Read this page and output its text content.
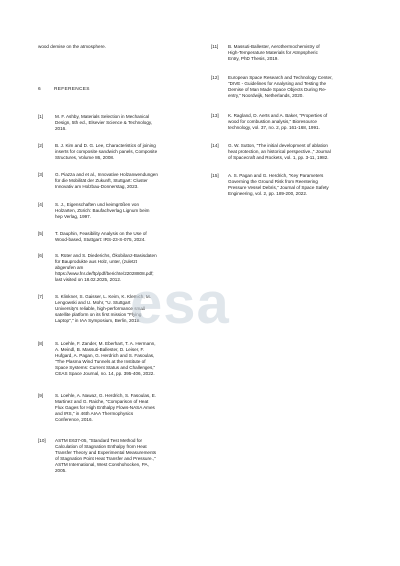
wood demise on the atmosphere.
6	REFERENCES
[1]	M. F. Ashby, Materials Selection in Mechanical
Design, 5th ed., Elsevier Science & Technology,
2016.
[2]	B. J. Kim and D. G. Lee, Characteristics of joining
inserts for composite sandwich panels, Composite
Structures, Volume 86, 2008.
[3]	G. Piazza and et al., Innovative Holzanwendungen
für die Mobilität der Zukunft, Stuttgart: Cluster
Innovativ am Holzbau-Donnerstag, 2023.
[4]	S. J., Eigenschaften und keimgrößen von
Holzarten, Zürich: Baufachverlag Lignum beim
hep Verlag, 1997.
[5]	T. Dauphin, Feasibility Analysis on the Use of
Wood-based, Stuttgart: IRS-23-S-075, 2024.
[6]	S. Rüter and S. Diederichs, Ökobilanz-Basisdaten
für Bauprodukte aus Holz, unter, (zuletzt
abgerufen am
https://www.fnr.de/ftp/pdf/berichte/22028808.pdf;
last visited on 18.02.2025, 2012.
[7]	S. Klinkner, S. Gaisser, L. Keim, K. Klemich, M.
Lengowski and U. Mohr, "U. Stuttgart
University's reliable, high-performance small
satellite platform on its first mission "Flying
Laptop"," in IAA Symposium, Berlin, 2019.
[8]	S. Loehle, F. Zander, M. Eberhart, T. A. Hermann,
A. Meindl, B. Massuti-Ballester, D. Leiser, F.
Hufgard, A. Pagan, G. Herdrich and S. Fasoulas,
"The Plasma Wind Tunnels at the Institute of
Space Systems: Current Status and Challenges,"
CEAS Space Journal, no. 14, pp. 395-406, 2022.
[9]	S. Loehle, A. Nawaz, G. Herdrich, S. Fasoulas, E.
Martinez and G. Raiche, "Comparison of Heat
Flux Gages for High Enthalpy Flows-NASA Ames
and IRS," in 46th AIAA Thermophysics
Conference, 2016.
[10]	ASTM E637-05, "Standard Test Method for
Calculation of Stagnation Enthalpy from Heat
Transfer Theory and Experimental Measurements
of Stagnation Point Heat Transfer and Pressure.,"
ASTM International, West Conshohocken, PA,
2005.
[11]	B. Massuti-Ballester, Aerothermochemistry of
High-Temperature Materials for Atmpspheric
Entry, PhD Thesis, 2019.
[12]	European Space Research and Technology Center,
"DIVE - Guidelines for Analysing and Testing the
Demise of Man Made Space Objects During Re-
entry," Noordwijk, Netherlands, 2020.
[13]	K. Ragland, D. Aerts and A. Baker, "Properties of
wood for combustion analysis," Bioresource
technology, vol. 37, no. 2, pp. 161-168, 1991.
[14]	G. W. Sutton, "The initial development of ablation
heat protection, an historical perspective.," Journal
of Spacecraft and Rockets, vol. 1, pp. 3-11, 1982.
[15]	A. S. Pagan and G. Herdrich, "Key Parameters
Governing the Ground Risk from Reentering
Pressure Vessel Debris," Journal of Space Safety
Engineering, vol. 2, pp. 189-200, 2022.
esa
